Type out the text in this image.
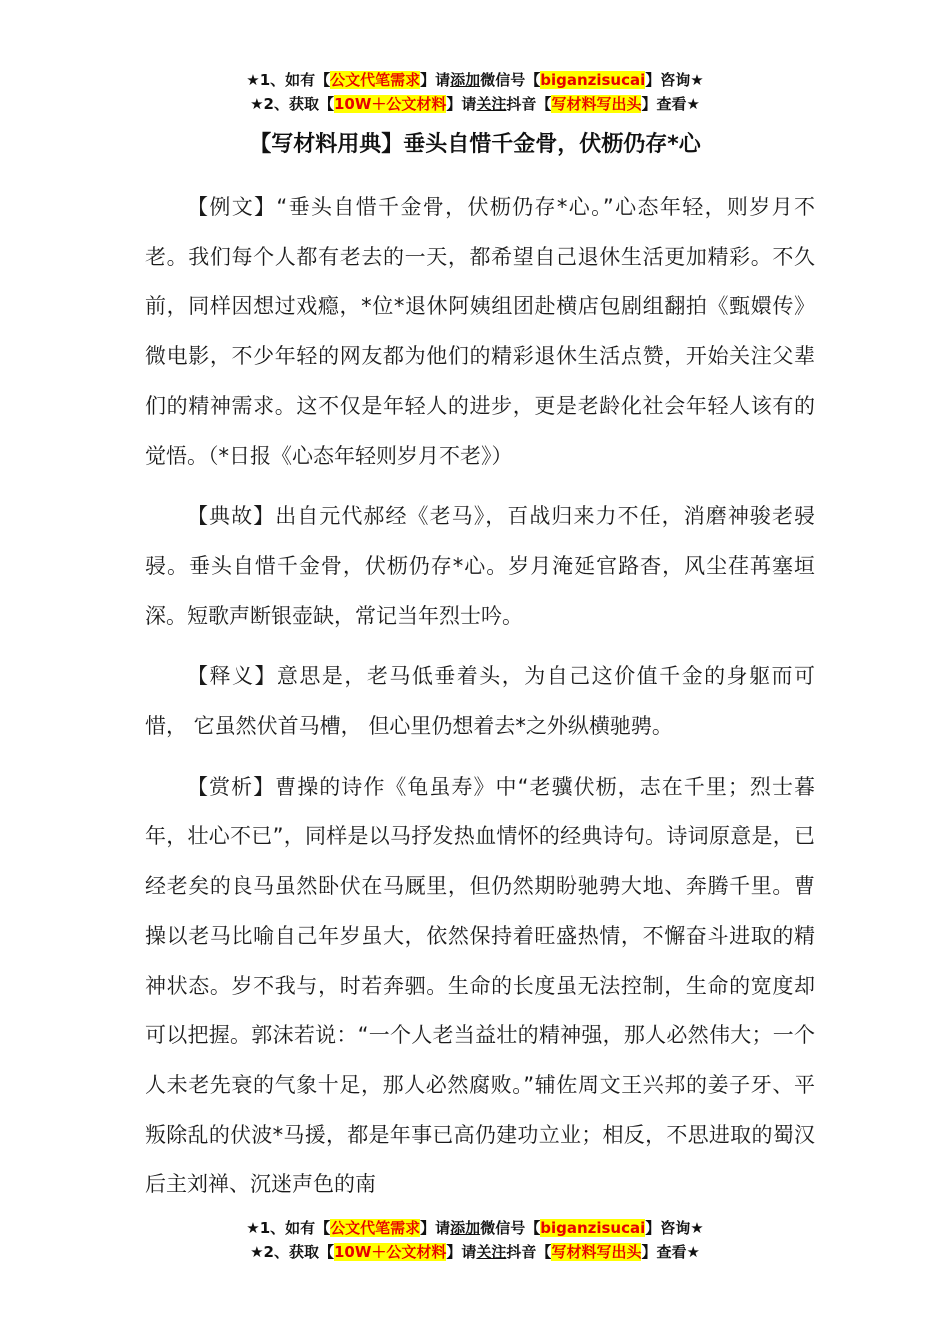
★1、如有【公文代笔需求】请添加微信号【biganzisucai】咨询★
★2、获取【10W＋公文材料】请关注抖音【写材料写出头】查看★
【写材料用典】垂头自惜千金骨，伏枥仍存*心

【例文】“垂头自惜千金骨，伏枥仍存*心。”心态年轻，则岁月不老。我们每个人都有老去的一天，都希望自己退休生活更加精彩。不久前，同样因想过戏瘾，*位*退休阿姨组团赴横店包剧组翻拍《甄嬛传》微电影，不少年轻的网友都为他们的精彩退休生活点赞，开始关注父辈们的精神需求。这不仅是年轻人的进步，更是老龄化社会年轻人该有的觉悟。（*日报《心态年轻则岁月不老》）

【典故】出自元代郝经《老马》，百战归来力不任，消磨神骏老骎骎。垂头自惜千金骨，伏枥仍存*心。岁月淹延官路杳，风尘荏苒塞垣深。短歌声断银壶缺，常记当年烈士吟。

【释义】意思是，老马低垂着头，为自己这价值千金的身躯而可惜， 它虽然伏首马槽， 但心里仍想着去*之外纵横驰骋。

【赏析】曹操的诗作《龟虽寿》中“老骥伏枥，志在千里；烈士暮年，壮心不已”，同样是以马抒发热血情怀的经典诗句。诗词原意是，已经老矣的良马虽然卧伏在马厩里，但仍然期盼驰骋大地、奔腾千里。曹操以老马比喻自己年岁虽大，依然保持着旺盛热情，不懈奋斗进取的精神状态。岁不我与，时若奔驷。生命的长度虽无法控制，生命的宽度却可以把握。郭沫若说：“一个人老当益壮的精神强，那人必然伟大；一个人未老先衰的气象十足，那人必然腐败。”辅佐周文王兴邦的姜子牙、平叛除乱的伏波*马援，都是年事已高仍建功立业；相反，不思进取的蜀汉后主刘禅、沉迷声色的南

★1、如有【公文代笔需求】请添加微信号【biganzisucai】咨询★
★2、获取【10W＋公文材料】请关注抖音【写材料写出头】查看★
